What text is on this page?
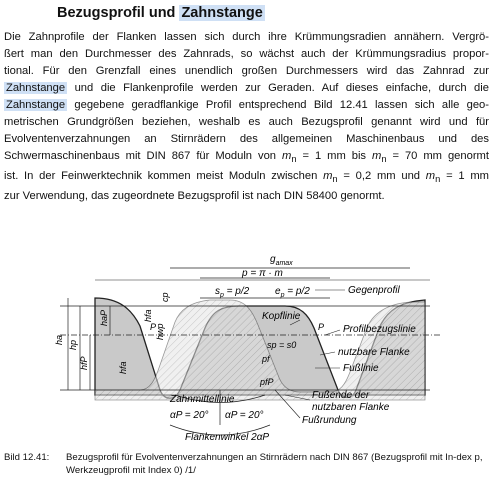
Bezugsprofil und Zahnstange
Die Zahnprofile der Flanken lassen sich durch ihre Krümmungsradien annähern. Vergrö-
ßert man den Durchmesser des Zahnrads, so wächst auch der Krümmungsradius propor-
tional. Für den Grenzfall eines unendlich großen Durchmessers wird das Zahnrad zur
Zahnstange und die Flankenprofile werden zur Geraden. Auf dieses einfache, durch die
Zahnstange gegebene geradflankige Profil entsprechend Bild 12.41 lassen sich alle geo-
metrischen Grundgrößen beziehen, weshalb es auch Bezugsprofil genannt wird und für
Evolventenverzahnungen an Stirnrädern des allgemeinen Maschinenbaus und des
Schwermaschinenbaus mit DIN 867 für Moduln von $m_n = 1$ mm bis $m_n = 70$ mm genormt
ist. In der Feinwerktechnik kommen meist Moduln zwischen $m_n = 0,2$ mm und $m_n = 1$ mm
zur Verwendung, das zugeordnete Bezugsprofil ist nach DIN 58400 genormt.
$g_{amax}$
p = π · m
$s_p = p/2$	$e_p = p/2$	Gegenprofil
Kopflinie
Profilbezugslinie
nutzbare Flanke
Fußlinie
Fußende der
nutzbaren Flanke
Fußrundung
Zahnmittellinie
αP = 20° αP = 20°
Flankenwinkel 2αP
ha hp
hfP
haP	hfa
hwp
hfa
cp
pf
pfP
sp = s0
P	P
Bild 12.41: Bezugsprofil für Evolventenverzahnungen an Stirnrädern nach DIN 867 (Bezugsprofil mit In-dex p, Werkzeugprofil mit Index 0) /1/
